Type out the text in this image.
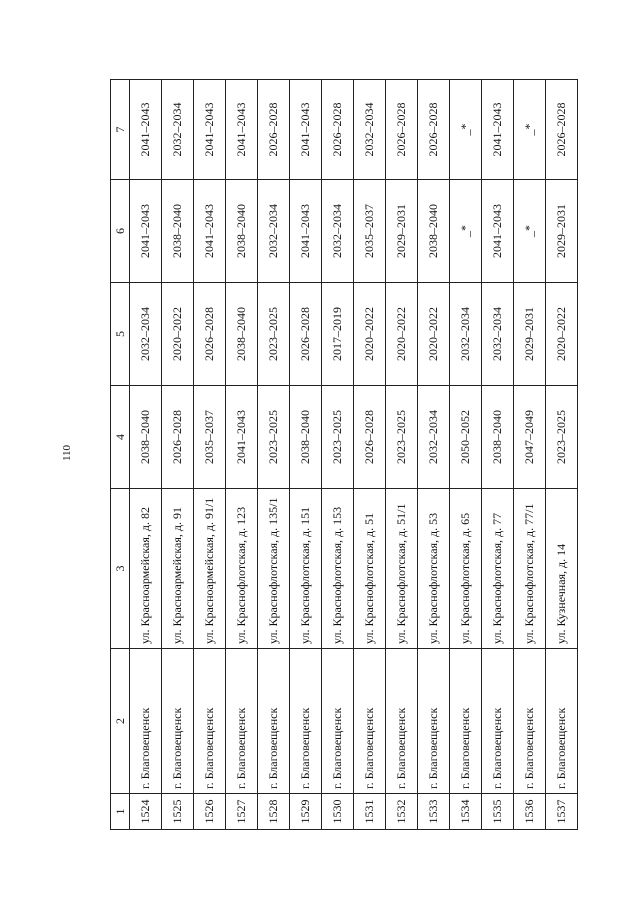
110
1	2	3	4	5	6	7
1524	г. Благовещенск	ул. Красноармейская, д. 82	2038–2040	2032–2034	2041–2043	2041–2043
1525	г. Благовещенск	ул. Красноармейская, д. 91	2026–2028	2020–2022	2038–2040	2032–2034
1526	г. Благовещенск	ул. Красноармейская, д. 91/1	2035–2037	2026–2028	2041–2043	2041–2043
1527	г. Благовещенск	ул. Краснофлотская, д. 123	2041–2043	2038–2040	2038–2040	2041–2043
1528	г. Благовещенск	ул. Краснофлотская, д. 135/1	2023–2025	2023–2025	2032–2034	2026–2028
1529	г. Благовещенск	ул. Краснофлотская, д. 151	2038–2040	2026–2028	2041–2043	2041–2043
1530	г. Благовещенск	ул. Краснофлотская, д. 153	2023–2025	2017–2019	2032–2034	2026–2028
1531	г. Благовещенск	ул. Краснофлотская, д. 51	2026–2028	2020–2022	2035–2037	2032–2034
1532	г. Благовещенск	ул. Краснофлотская, д. 51/1	2023–2025	2020–2022	2029–2031	2026–2028
1533	г. Благовещенск	ул. Краснофлотская, д. 53	2032–2034	2020–2022	2038–2040	2026–2028
1534	г. Благовещенск	ул. Краснофлотская, д. 65	2050–2052	2032–2034	_*	_*
1535	г. Благовещенск	ул. Краснофлотская, д. 77	2038–2040	2032–2034	2041–2043	2041–2043
1536	г. Благовещенск	ул. Краснофлотская, д. 77/1	2047–2049	2029–2031	_*	_*
1537	г. Благовещенск	ул. Кузнечная, д. 14	2023–2025	2020–2022	2029–2031	2026–2028
